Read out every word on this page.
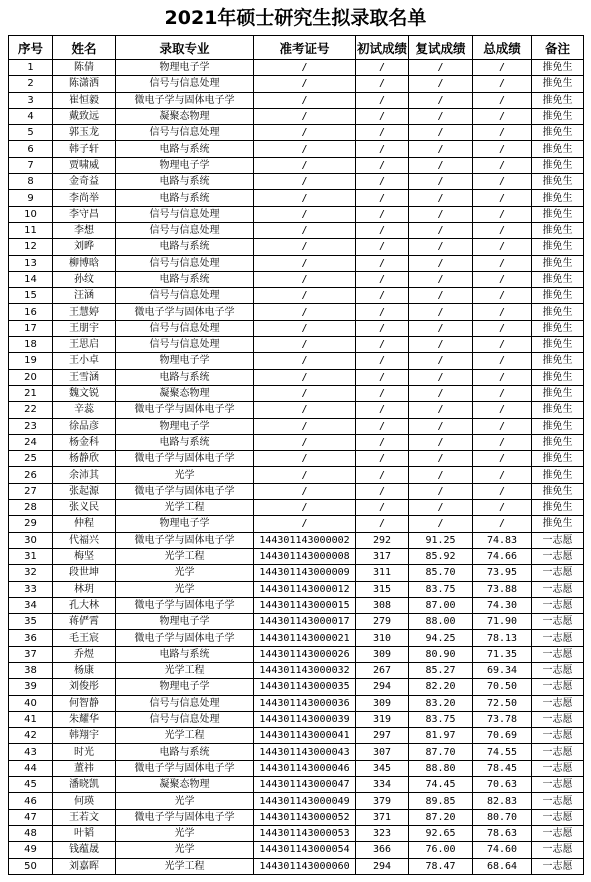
2021年硕士研究生拟录取名单
序号	姓名	录取专业	准考证号	初试成绩	复试成绩	总成绩	备注
1	陈倩	物理电子学	/	/	/	/	推免生
2	陈潇洒	信号与信息处理	/	/	/	/	推免生
3	崔恒毅	微电子学与固体电子学	/	/	/	/	推免生
4	戴致远	凝聚态物理	/	/	/	/	推免生
5	郭玉龙	信号与信息处理	/	/	/	/	推免生
6	韩子轩	电路与系统	/	/	/	/	推免生
7	贾啸威	物理电子学	/	/	/	/	推免生
8	金奇益	电路与系统	/	/	/	/	推免生
9	李尚举	电路与系统	/	/	/	/	推免生
10	李守昌	信号与信息处理	/	/	/	/	推免生
11	李想	信号与信息处理	/	/	/	/	推免生
12	刘晔	电路与系统	/	/	/	/	推免生
13	柳博晗	信号与信息处理	/	/	/	/	推免生
14	孙纹	电路与系统	/	/	/	/	推免生
15	汪涵	信号与信息处理	/	/	/	/	推免生
16	王慧婷	微电子学与固体电子学	/	/	/	/	推免生
17	王朋宇	信号与信息处理	/	/	/	/	推免生
18	王思启	信号与信息处理	/	/	/	/	推免生
19	王小卓	物理电子学	/	/	/	/	推免生
20	王雪涵	电路与系统	/	/	/	/	推免生
21	魏文锐	凝聚态物理	/	/	/	/	推免生
22	辛蕊	微电子学与固体电子学	/	/	/	/	推免生
23	徐品彦	物理电子学	/	/	/	/	推免生
24	杨金科	电路与系统	/	/	/	/	推免生
25	杨静欣	微电子学与固体电子学	/	/	/	/	推免生
26	余沛其	光学	/	/	/	/	推免生
27	张起源	微电子学与固体电子学	/	/	/	/	推免生
28	张义民	光学工程	/	/	/	/	推免生
29	仲程	物理电子学	/	/	/	/	推免生
30	代福兴	微电子学与固体电子学	144301143000002	292	91.25	74.83	一志愿
31	梅坚	光学工程	144301143000008	317	85.92	74.66	一志愿
32	段世坤	光学	144301143000009	311	85.70	73.95	一志愿
33	林玥	光学	144301143000012	315	83.75	73.88	一志愿
34	孔大林	微电子学与固体电子学	144301143000015	308	87.00	74.30	一志愿
35	蒋俨霄	物理电子学	144301143000017	279	88.00	71.90	一志愿
36	毛王宸	微电子学与固体电子学	144301143000021	310	94.25	78.13	一志愿
37	乔煜	电路与系统	144301143000026	309	80.90	71.35	一志愿
38	杨康	光学工程	144301143000032	267	85.27	69.34	一志愿
39	刘俊彤	物理电子学	144301143000035	294	82.20	70.50	一志愿
40	何智静	信号与信息处理	144301143000036	309	83.20	72.50	一志愿
41	朱耀华	信号与信息处理	144301143000039	319	83.75	73.78	一志愿
42	韩翔宇	光学工程	144301143000041	297	81.97	70.69	一志愿
43	时光	电路与系统	144301143000043	307	87.70	74.55	一志愿
44	董祎	微电子学与固体电子学	144301143000046	345	88.80	78.45	一志愿
45	潘晓凯	凝聚态物理	144301143000047	334	74.45	70.63	一志愿
46	何瑛	光学	144301143000049	379	89.85	82.83	一志愿
47	王若文	微电子学与固体电子学	144301143000052	371	87.20	80.70	一志愿
48	叶韬	光学	144301143000053	323	92.65	78.63	一志愿
49	钱蕴晟	光学	144301143000054	366	76.00	74.60	一志愿
50	刘嘉晖	光学工程	144301143000060	294	78.47	68.64	一志愿
